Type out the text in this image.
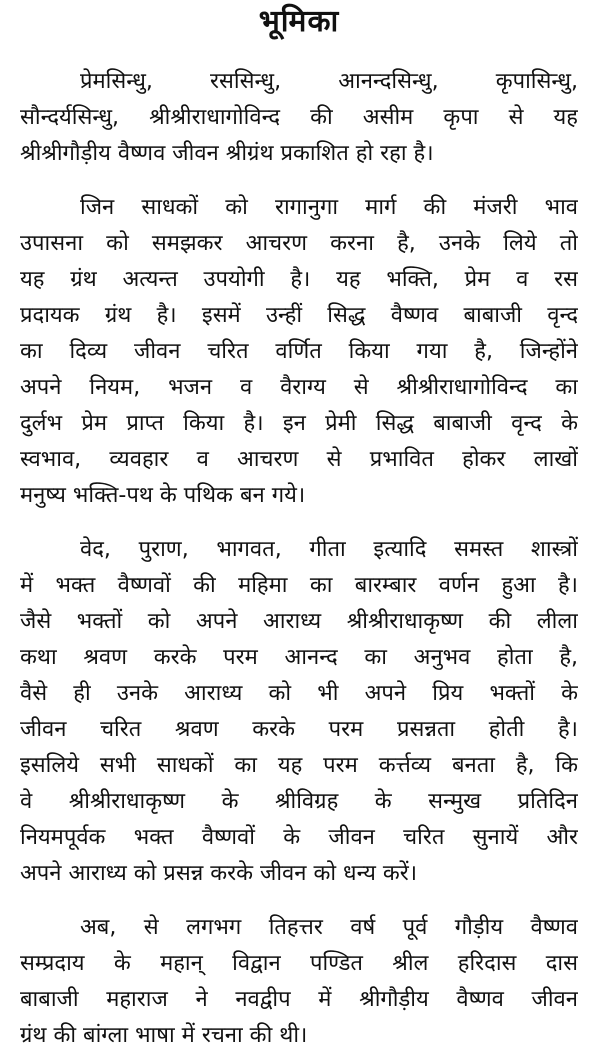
भूमिका
प्रेमसिन्धु, रससिन्धु, आनन्दसिन्धु, कृपासिन्धु,
सौन्दर्यसिन्धु, श्रीश्रीराधागोविन्द की असीम कृपा से यह
श्रीश्रीगौड़ीय वैष्णव जीवन श्रीग्रंथ प्रकाशित हो रहा है।
जिन साधकों को रागानुगा मार्ग की मंजरी भाव
उपासना को समझकर आचरण करना है, उनके लिये तो
यह ग्रंथ अत्यन्त उपयोगी है। यह भक्ति, प्रेम व रस
प्रदायक ग्रंथ है। इसमें उन्हीं सिद्ध वैष्णव बाबाजी वृन्द
का दिव्य जीवन चरित वर्णित किया गया है, जिन्होंने
अपने नियम, भजन व वैराग्य से श्रीश्रीराधागोविन्द का
दुर्लभ प्रेम प्राप्त किया है। इन प्रेमी सिद्ध बाबाजी वृन्द के
स्वभाव, व्यवहार व आचरण से प्रभावित होकर लाखों
मनुष्य भक्ति-पथ के पथिक बन गये।
वेद, पुराण, भागवत, गीता इत्यादि समस्त शास्त्रों
में भक्त वैष्णवों की महिमा का बारम्बार वर्णन हुआ है।
जैसे भक्तों को अपने आराध्य श्रीश्रीराधाकृष्ण की लीला
कथा श्रवण करके परम आनन्द का अनुभव होता है,
वैसे ही उनके आराध्य को भी अपने प्रिय भक्तों के
जीवन चरित श्रवण करके परम प्रसन्नता होती है।
इसलिये सभी साधकों का यह परम कर्त्तव्य बनता है, कि
वे श्रीश्रीराधाकृष्ण के श्रीविग्रह के सन्मुख प्रतिदिन
नियमपूर्वक भक्त वैष्णवों के जीवन चरित सुनायें और
अपने आराध्य को प्रसन्न करके जीवन को धन्य करें।
अब, से लगभग तिहत्तर वर्ष पूर्व गौड़ीय वैष्णव
सम्प्रदाय के महान् विद्वान पण्डित श्रील हरिदास दास
बाबाजी महाराज ने नवद्वीप में श्रीगौड़ीय वैष्णव जीवन
ग्रंथ की बांग्ला भाषा में रचना की थी।
